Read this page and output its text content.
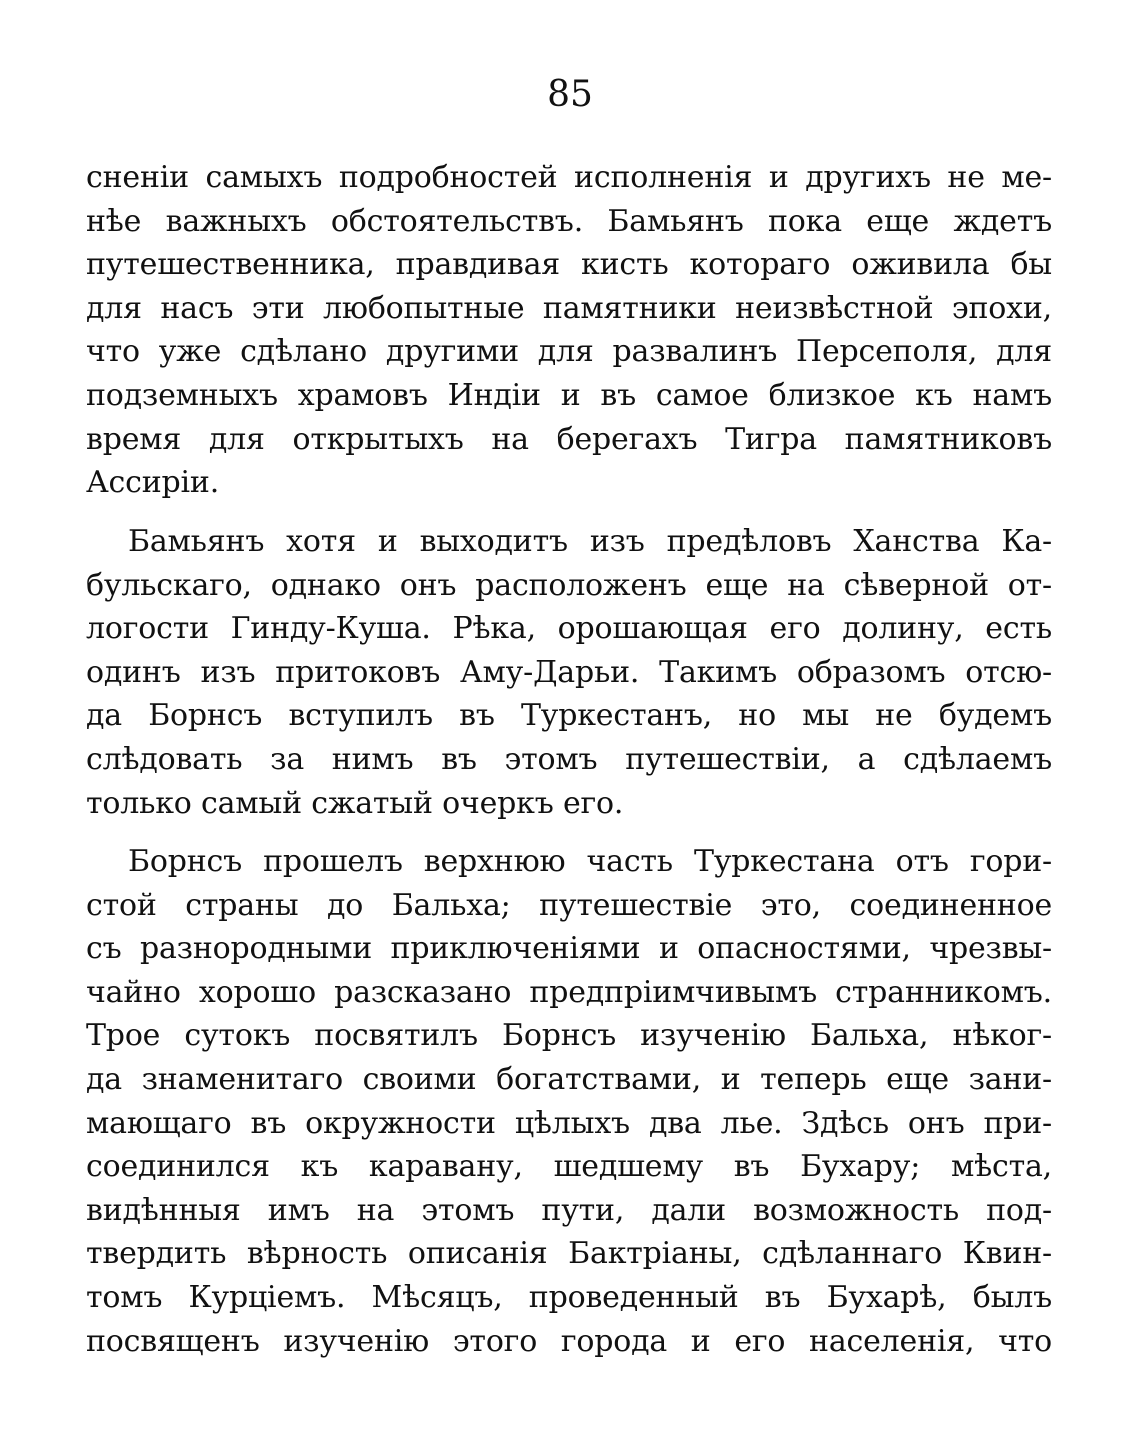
85
снeнiи самыхъ подробностей исполненiя и другихъ не ме-
нѣе важныхъ обстоятельствъ. Бамьянъ пока еще ждетъ
путешественника, правдивая кисть котораго оживила бы
для насъ эти любопытные памятники неизвѣстной эпохи,
что уже сдѣлано другими для развалинъ Персеполя, для
подземныхъ храмовъ Индiи и въ самое близкое къ намъ
время для открытыхъ на берегахъ Тигра памятниковъ
Ассирiи.
Бамьянъ хотя и выходитъ изъ предѣловъ Ханства Ка-
бульскаго, однако онъ расположенъ еще на сѣверной от-
логости Гинду-Куша. Рѣка, орошающая его долину, есть
одинъ изъ притоковъ Аму-Дарьи. Такимъ образомъ отсю-
да Борнсъ вступилъ въ Туркестанъ, но мы не будемъ
слѣдовать за нимъ въ этомъ путешествiи, а сдѣлаемъ
только самый сжатый очеркъ его.
Борнсъ прошелъ верхнюю часть Туркестана отъ гори-
стой страны до Бальха; путешествiе это, соединенное
съ разнородными приключенiями и опасностями, чрезвы-
чайно хорошо разсказано предпрiимчивымъ странникомъ.
Трое сутокъ посвятилъ Борнсъ изученiю Бальха, нѣког-
да знаменитаго своими богатствами, и теперь еще зани-
мающаго въ окружности цѣлыхъ два лье. Здѣсь онъ при-
соединился къ каравану, шедшему въ Бухару; мѣста,
видѣнныя имъ на этомъ пути, дали возможность под-
твердить вѣрность описанiя Бактрiаны, сдѣланнаго Квин-
томъ Курцiемъ. Мѣсяцъ, проведенный въ Бухарѣ, былъ
посвященъ изученiю этого города и его населенiя, что
